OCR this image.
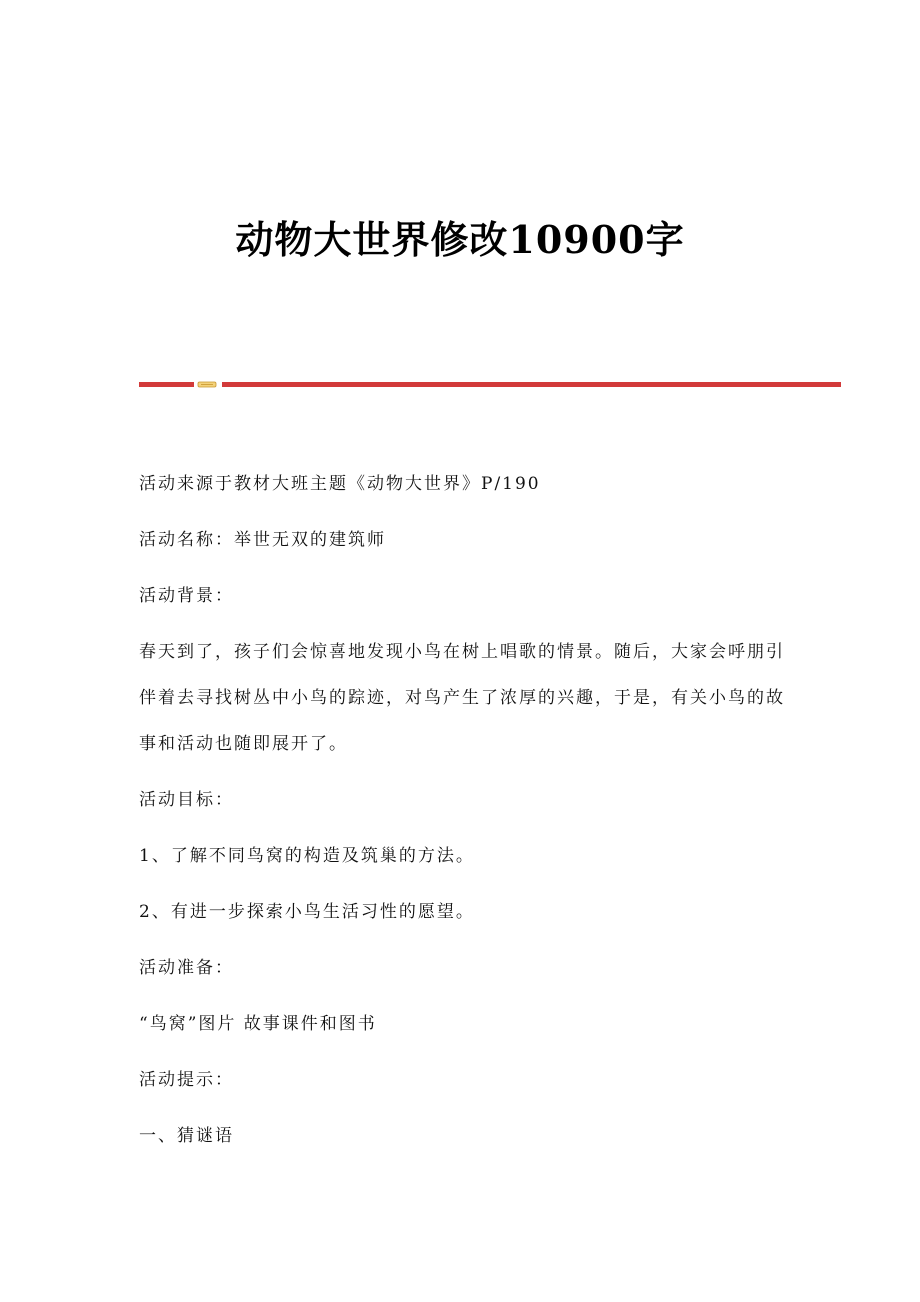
动物大世界修改10900字
活动来源于教材大班主题《动物大世界》P/190
活动名称：举世无双的建筑师
活动背景：
春天到了，孩子们会惊喜地发现小鸟在树上唱歌的情景。随后，大家会呼朋引
伴着去寻找树丛中小鸟的踪迹，对鸟产生了浓厚的兴趣，于是，有关小鸟的故
事和活动也随即展开了。
活动目标：
1、了解不同鸟窝的构造及筑巢的方法。
2、有进一步探索小鸟生活习性的愿望。
活动准备：
“鸟窝”图片 故事课件和图书
活动提示：
一、猜谜语
